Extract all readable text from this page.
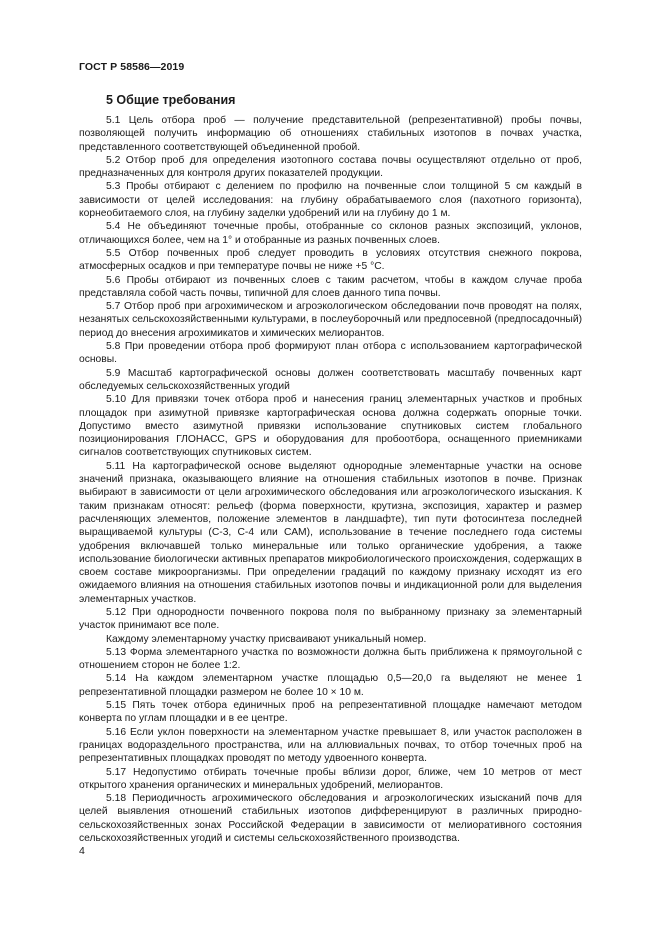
ГОСТ Р 58586—2019
5 Общие требования

5.1 Цель отбора проб — получение представительной (репрезентативной) пробы почвы, позволяющей получить информацию об отношениях стабильных изотопов в почвах участка, представленного соответствующей объединенной пробой.

5.2 Отбор проб для определения изотопного состава почвы осуществляют отдельно от проб, предназначенных для контроля других показателей продукции.

5.3 Пробы отбирают с делением по профилю на почвенные слои толщиной 5 см каждый в зависимости от целей исследования: на глубину обрабатываемого слоя (пахотного горизонта), корнеобитаемого слоя, на глубину заделки удобрений или на глубину до 1 м.

5.4 Не объединяют точечные пробы, отобранные со склонов разных экспозиций, уклонов, отличающихся более, чем на 1° и отобранные из разных почвенных слоев.

5.5 Отбор почвенных проб следует проводить в условиях отсутствия снежного покрова, атмосферных осадков и при температуре почвы не ниже +5 °С.

5.6 Пробы отбирают из почвенных слоев с таким расчетом, чтобы в каждом случае проба представляла собой часть почвы, типичной для слоев данного типа почвы.

5.7 Отбор проб при агрохимическом и агроэкологическом обследовании почв проводят на полях, незанятых сельскохозяйственными культурами, в послеуборочный или предпосевной (предпосадочный) период до внесения агрохимикатов и химических мелиорантов.

5.8 При проведении отбора проб формируют план отбора с использованием картографической основы.

5.9 Масштаб картографической основы должен соответствовать масштабу почвенных карт обследуемых сельскохозяйственных угодий

5.10 Для привязки точек отбора проб и нанесения границ элементарных участков и пробных площадок при азимутной привязке картографическая основа должна содержать опорные точки. Допустимо вместо азимутной привязки использование спутниковых систем глобального позиционирования ГЛОНАСС, GPS и оборудования для пробоотбора, оснащенного приемниками сигналов соответствующих спутниковых систем.

5.11 На картографической основе выделяют однородные элементарные участки на основе значений признака, оказывающего влияние на отношения стабильных изотопов в почве. Признак выбирают в зависимости от цели агрохимического обследования или агроэкологического изыскания. К таким признакам относят: рельеф (форма поверхности, крутизна, экспозиция, характер и размер расчленяющих элементов, положение элементов в ландшафте), тип пути фотосинтеза последней выращиваемой культуры (С-3, С-4 или САМ), использование в течение последнего года системы удобрения включавшей только минеральные или только органические удобрения, а также использование биологически активных препаратов микробиологического происхождения, содержащих в своем составе микроорганизмы. При определении градаций по каждому признаку исходят из его ожидаемого влияния на отношения стабильных изотопов почвы и индикационной роли для выделения элементарных участков.

5.12 При однородности почвенного покрова поля по выбранному признаку за элементарный участок принимают все поле.

Каждому элементарному участку присваивают уникальный номер.

5.13 Форма элементарного участка по возможности должна быть приближена к прямоугольной с отношением сторон не более 1:2.

5.14 На каждом элементарном участке площадью 0,5—20,0 га выделяют не менее 1 репрезентативной площадки размером не более 10 × 10 м.

5.15 Пять точек отбора единичных проб на репрезентативной площадке намечают методом конверта по углам площадки и в ее центре.

5.16 Если уклон поверхности на элементарном участке превышает 8, или участок расположен в границах водораздельного пространства, или на аллювиальных почвах, то отбор точечных проб на репрезентативных площадках проводят по методу удвоенного конверта.

5.17 Недопустимо отбирать точечные пробы вблизи дорог, ближе, чем 10 метров от мест открытого хранения органических и минеральных удобрений, мелиорантов.

5.18 Периодичность агрохимического обследования и агроэкологических изысканий почв для целей выявления отношений стабильных изотопов дифференцируют в различных природно-сельскохозяйственных зонах Российской Федерации в зависимости от мелиоративного состояния сельскохозяйственных угодий и системы сельскохозяйственного производства.

4
